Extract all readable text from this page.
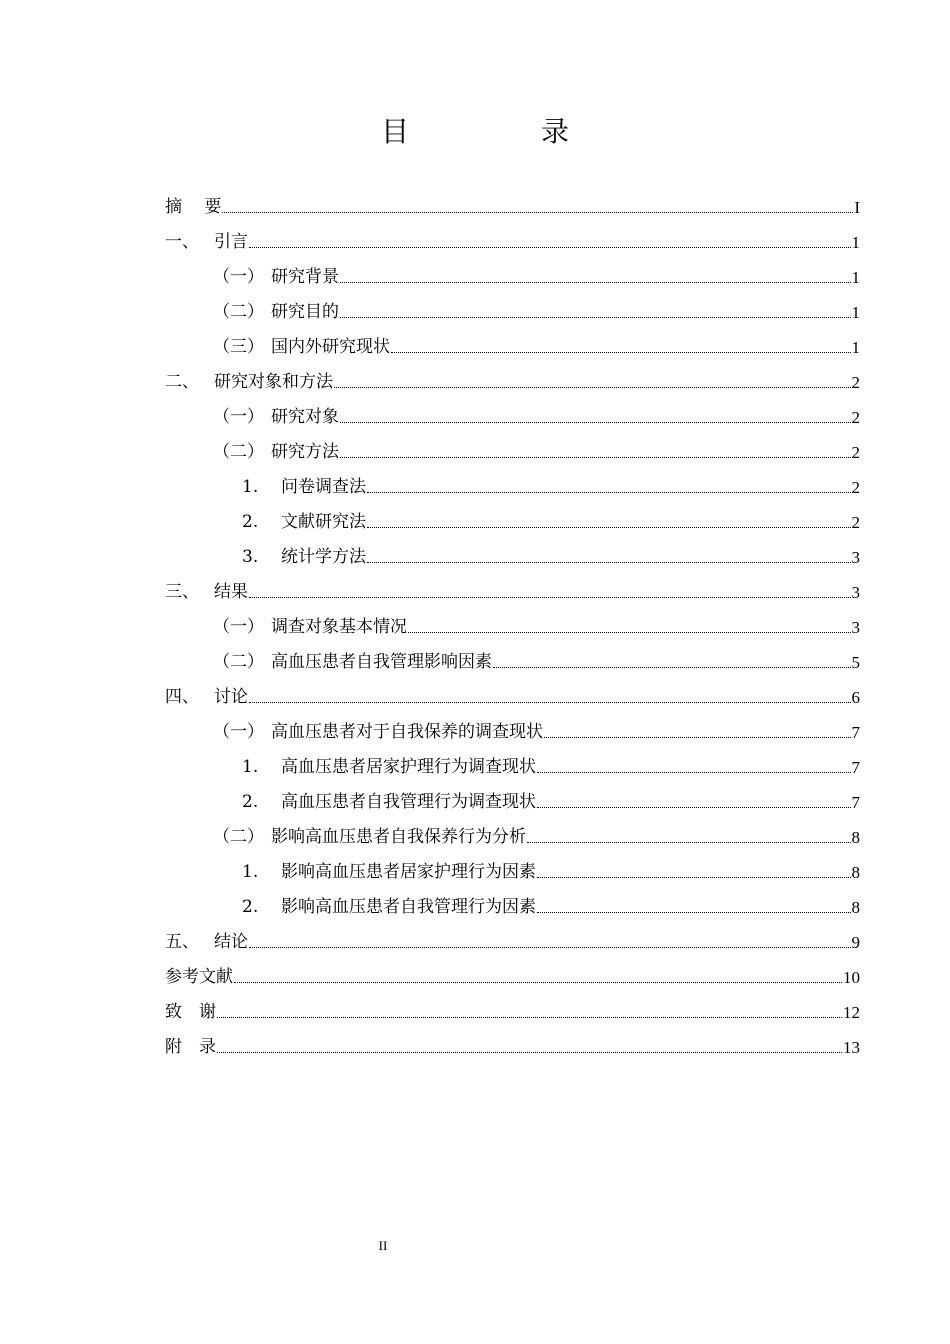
目　录
摘　 要	I
一、 引言	1
（一） 研究背景	1
（二） 研究目的	1
（三） 国内外研究现状	1
二、 研究对象和方法	2
（一） 研究对象	2
（二） 研究方法	2
1.	问卷调查法	2
2.	文献研究法	2
3.	统计学方法	3
三、 结果	3
（一） 调查对象基本情况	3
（二） 高血压患者自我管理影响因素	5
四、 讨论	6
（一） 高血压患者对于自我保养的调查现状	7
1.	高血压患者居家护理行为调查现状	7
2.	高血压患者自我管理行为调查现状	7
（二） 影响高血压患者自我保养行为分析	8
1.	影响高血压患者居家护理行为因素	8
2.	影响高血压患者自我管理行为因素	8
五、 结论	9
参考文献	10
致　谢	12
附　录	13
II
